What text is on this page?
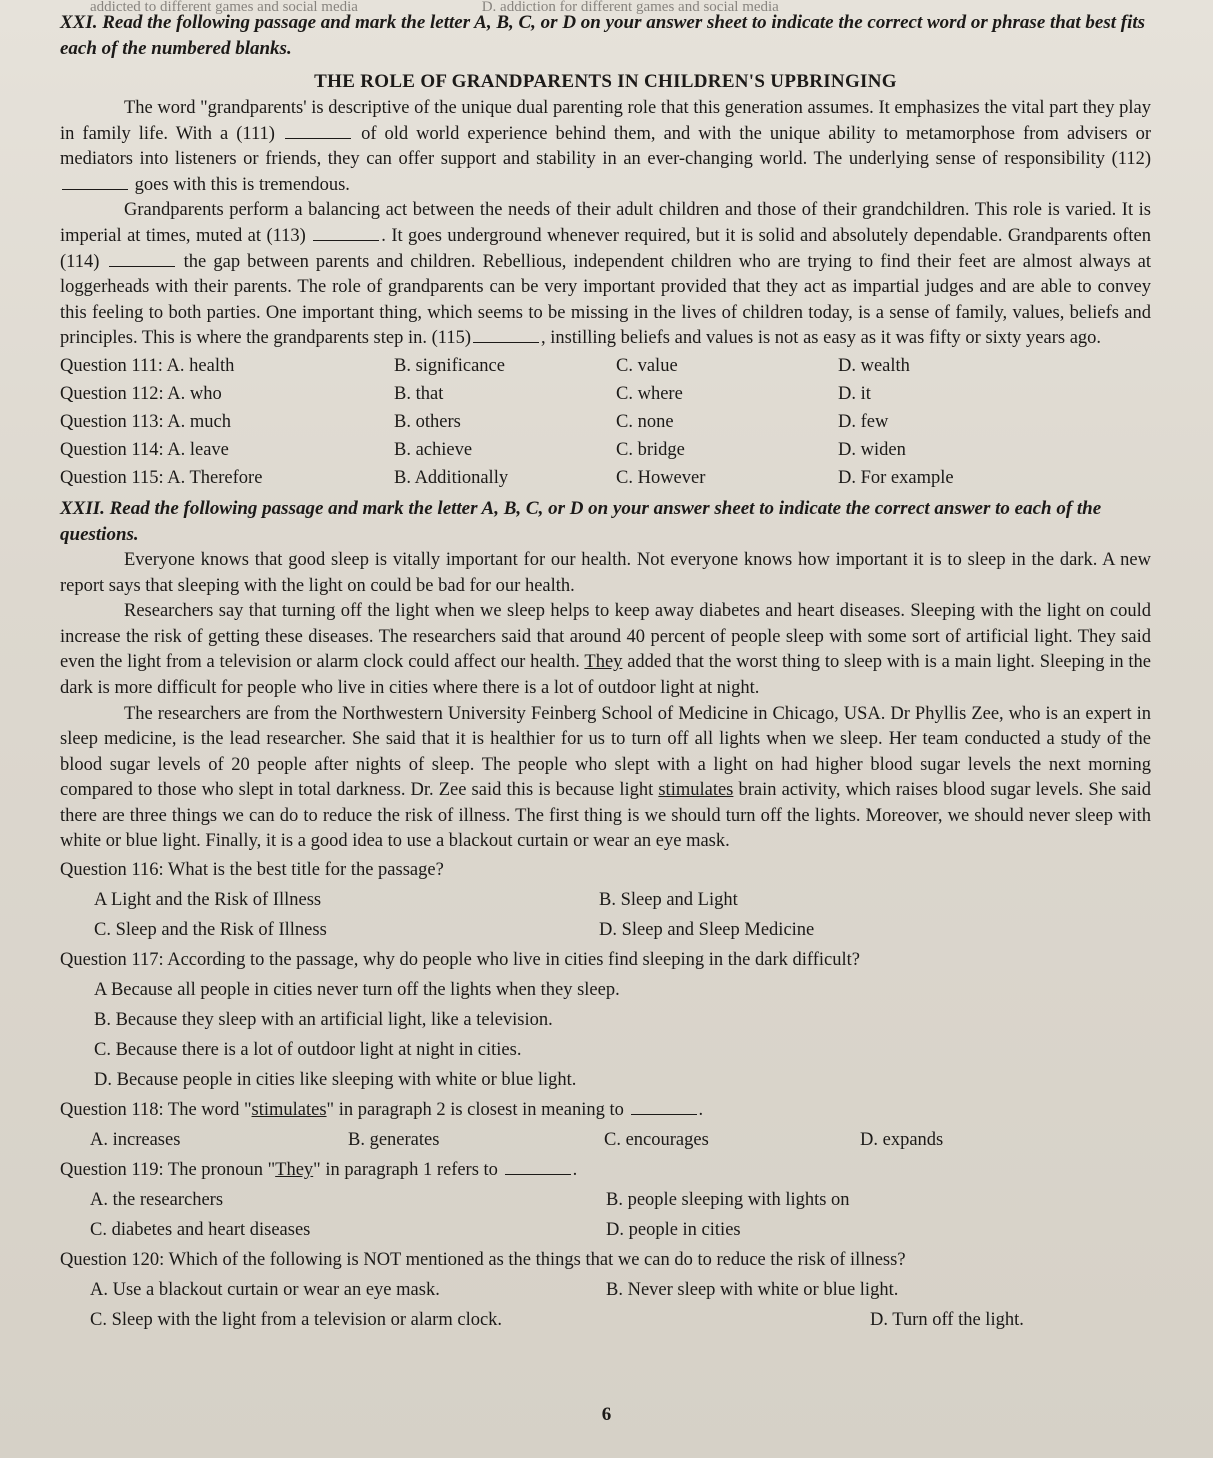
addicted to different games and social media	D. addiction for different games and social media

XXI. Read the following passage and mark the letter A, B, C, or D on your answer sheet to indicate the correct word or phrase that best fits each of the numbered blanks.

THE ROLE OF GRANDPARENTS IN CHILDREN'S UPBRINGING

The word "grandparents' is descriptive of the unique dual parenting role that this generation assumes. It emphasizes the vital part they play in family life. With a (111)	of old world experience behind them, and with the unique ability to metamorphose from advisers or mediators into listeners or friends, they can offer support and stability in an ever-changing world. The underlying sense of responsibility (112) goes with this is tremendous.

Grandparents perform a balancing act between the needs of their adult children and those of their grandchildren. This role is varied. It is imperial at times, muted at (113)	. It goes underground whenever required, but it is solid and absolutely dependable. Grandparents often (114)	the gap between parents and children. Rebellious, independent children who are trying to find their feet are almost always at loggerheads with their parents. The role of grandparents can be very important provided that they act as impartial judges and are able to convey this feeling to both parties. One important thing, which seems to be missing in the lives of children today, is a sense of family, values, beliefs and principles. This is where the grandparents step in. (115)	, instilling beliefs and values is not as easy as it was fifty or sixty years ago.

Question 111: A. health	B. significance	C. value	D. wealth
Question 112: A. who	B. that	C. where	D. it
Question 113: A. much	B. others	C. none	D. few
Question 114: A. leave	B. achieve	C. bridge	D. widen
Question 115: A. Therefore	B. Additionally	C. However	D. For example

XXII. Read the following passage and mark the letter A, B, C, or D on your answer sheet to indicate the correct answer to each of the questions.

Everyone knows that good sleep is vitally important for our health. Not everyone knows how important it is to sleep in the dark. A new report says that sleeping with the light on could be bad for our health.

Researchers say that turning off the light when we sleep helps to keep away diabetes and heart diseases. Sleeping with the light on could increase the risk of getting these diseases. The researchers said that around 40 percent of people sleep with some sort of artificial light. They said even the light from a television or alarm clock could affect our health. They added that the worst thing to sleep with is a main light. Sleeping in the dark is more difficult for people who live in cities where there is a lot of outdoor light at night.

The researchers are from the Northwestern University Feinberg School of Medicine in Chicago, USA. Dr Phyllis Zee, who is an expert in sleep medicine, is the lead researcher. She said that it is healthier for us to turn off all lights when we sleep. Her team conducted a study of the blood sugar levels of 20 people after nights of sleep. The people who slept with a light on had higher blood sugar levels the next morning compared to those who slept in total darkness. Dr. Zee said this is because light stimulates brain activity, which raises blood sugar levels. She said there are three things we can do to reduce the risk of illness. The first thing is we should turn off the lights. Moreover, we should never sleep with white or blue light. Finally, it is a good idea to use a blackout curtain or wear an eye mask.

Question 116: What is the best title for the passage?

A Light and the Risk of Illness	B. Sleep and Light
C. Sleep and the Risk of Illness	D. Sleep and Sleep Medicine

Question 117: According to the passage, why do people who live in cities find sleeping in the dark difficult?

A Because all people in cities never turn off the lights when they sleep.

B. Because they sleep with an artificial light, like a television.

C. Because there is a lot of outdoor light at night in cities.

D. Because people in cities like sleeping with white or blue light.

Question 118: The word "stimulates" in paragraph 2 is closest in meaning to	.

A. increases	B. generates	C. encourages	D. expands

Question 119: The pronoun "They" in paragraph 1 refers to	.

A. the researchers	B. people sleeping with lights on
C. diabetes and heart diseases	D. people in cities

Question 120: Which of the following is NOT mentioned as the things that we can do to reduce the risk of illness?

A. Use a blackout curtain or wear an eye mask.	B. Never sleep with white or blue light.
C. Sleep with the light from a television or alarm clock.	D. Turn off the light.
6
